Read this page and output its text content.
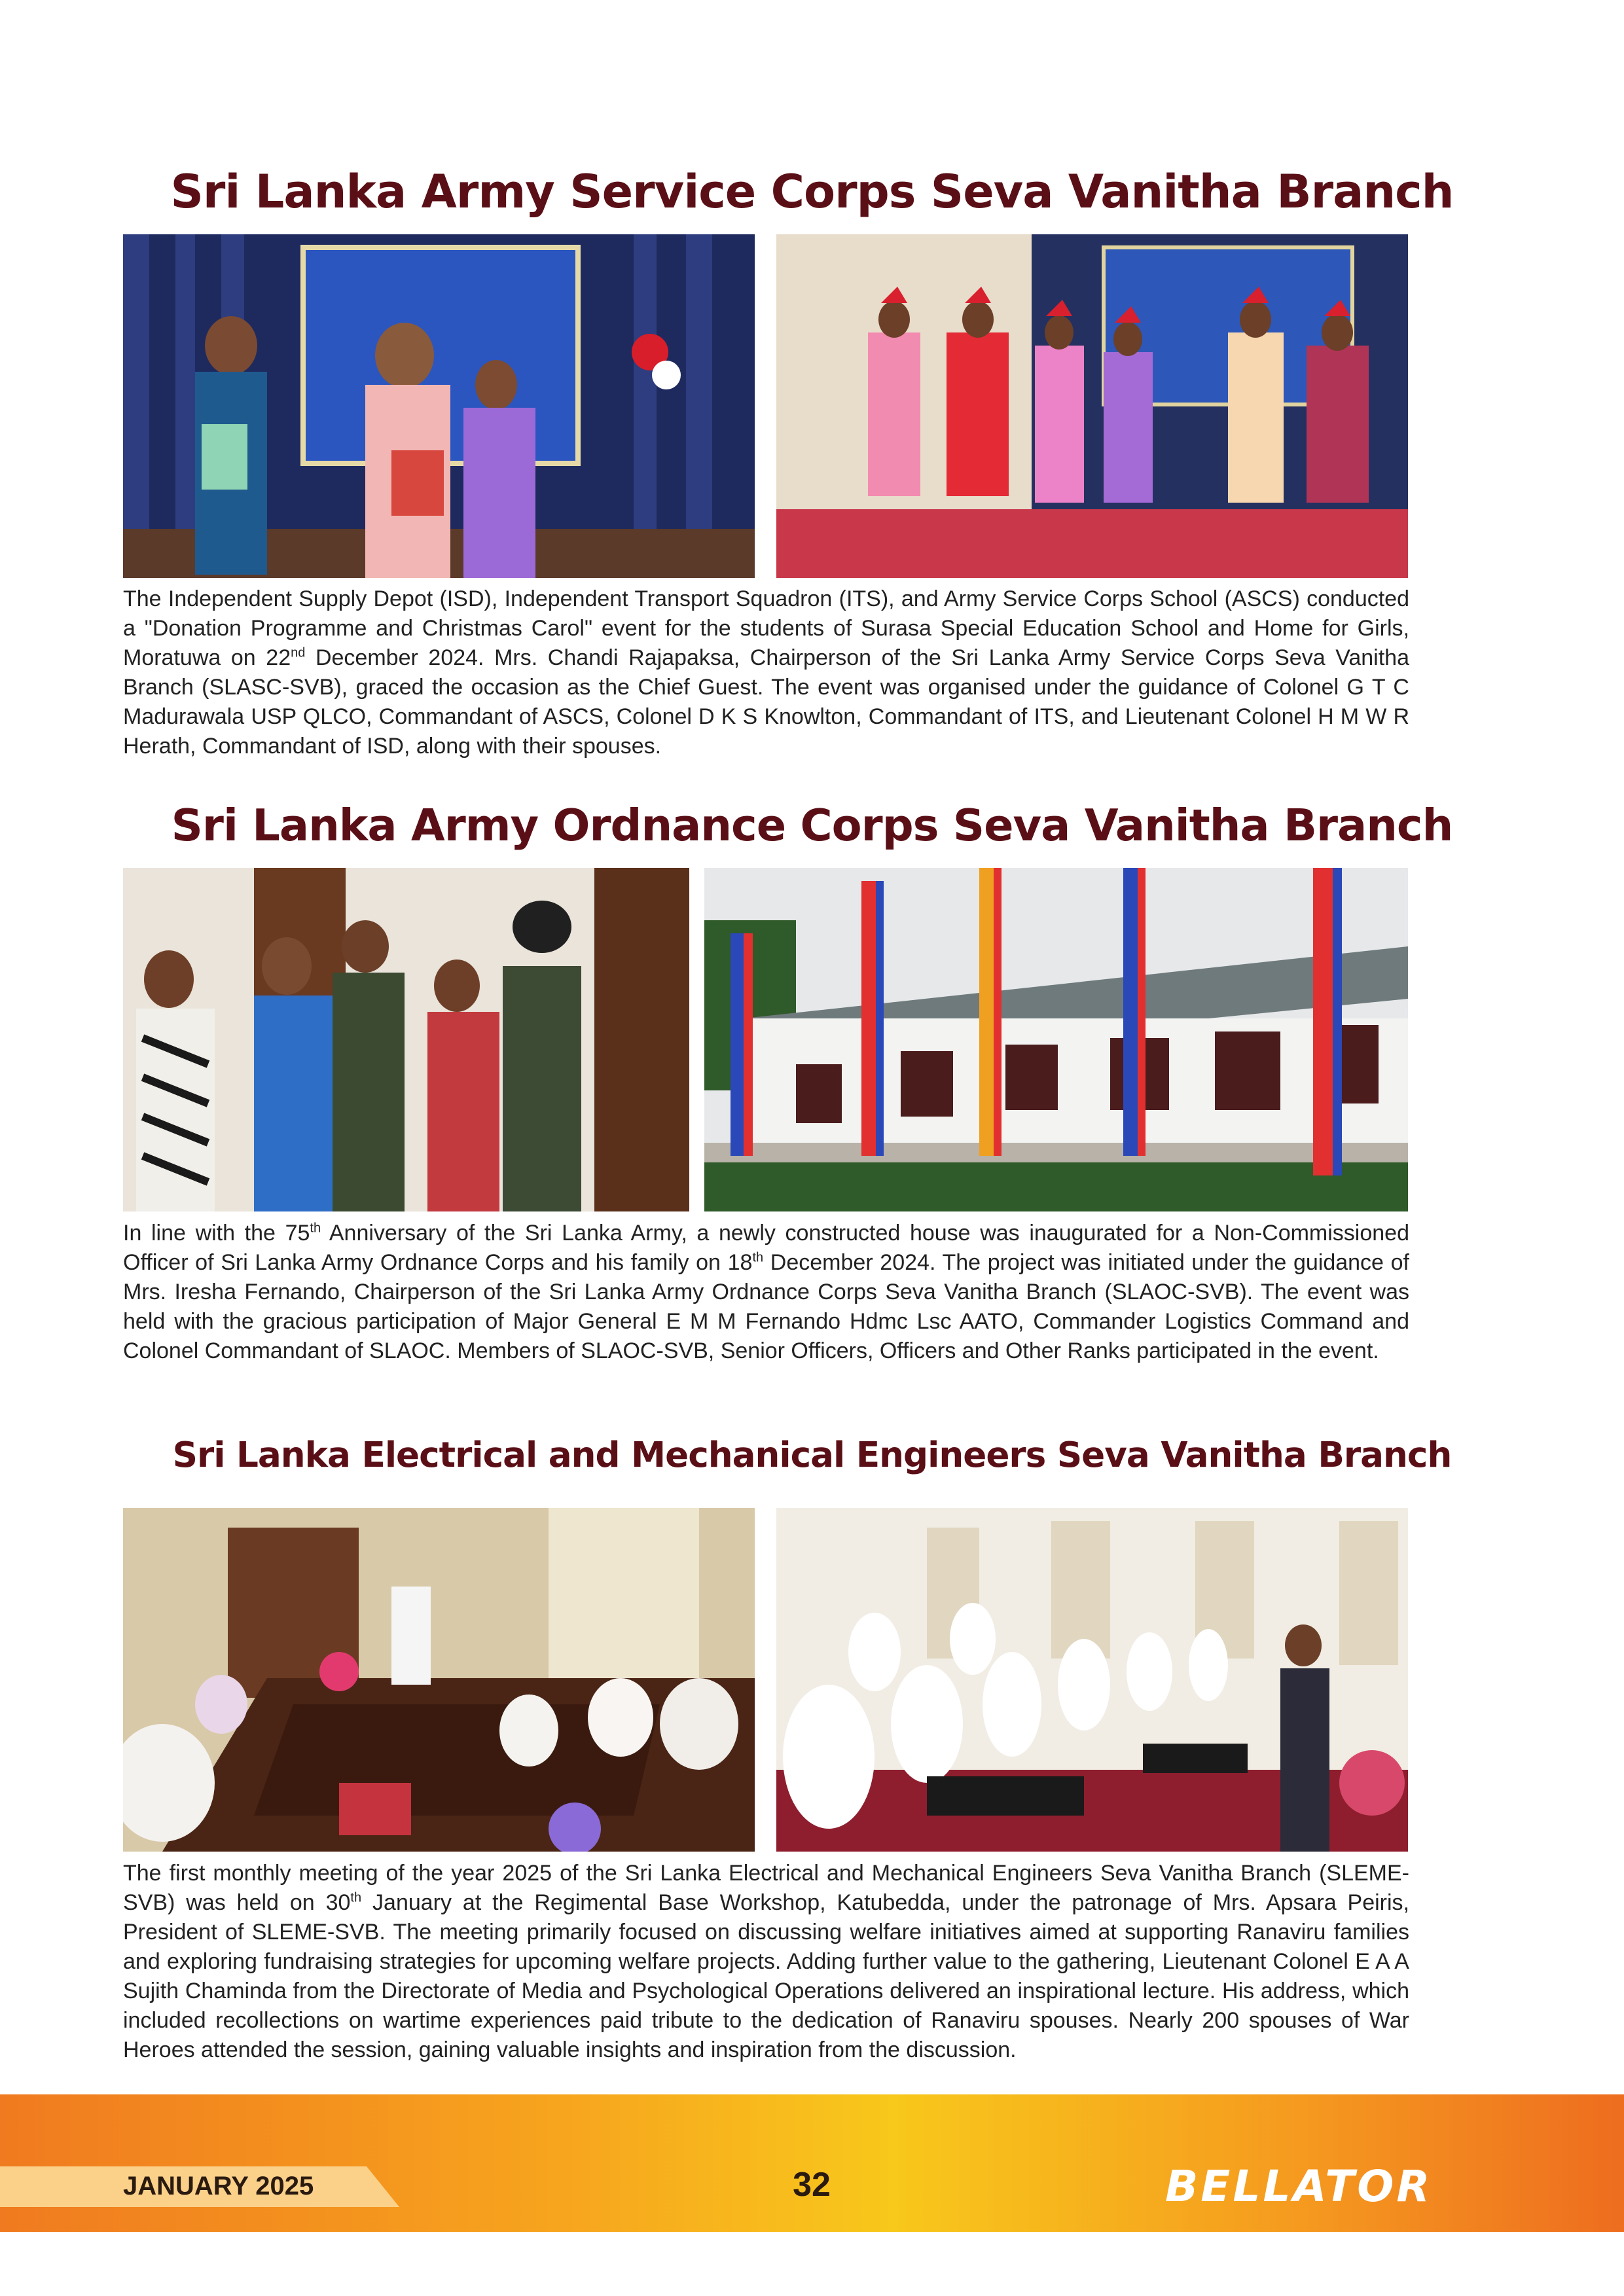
Sri Lanka Army Service Corps Seva Vanitha Branch

The Independent Supply Depot (ISD), Independent Transport Squadron (ITS), and Army Service Corps School (ASCS) conducted a "Donation Programme and Christmas Carol" event for the students of Surasa Special Education School and Home for Girls, Moratuwa on 22nd December 2024. Mrs. Chandi Rajapaksa, Chairperson of the Sri Lanka Army Service Corps Seva Vanitha Branch (SLASC-SVB), graced the occasion as the Chief Guest. The event was organised under the guidance of Colonel G T C Madurawala USP QLCO, Commandant of ASCS, Colonel D K S Knowlton, Commandant of ITS, and Lieutenant Colonel H M W R Herath, Commandant of ISD, along with their spouses.

Sri Lanka Army Ordnance Corps Seva Vanitha Branch

In line with the 75th Anniversary of the Sri Lanka Army, a newly constructed house was inaugurated for a Non-Commissioned Officer of Sri Lanka Army Ordnance Corps and his family on 18th December 2024. The project was initiated under the guidance of Mrs. Iresha Fernando, Chairperson of the Sri Lanka Army Ordnance Corps Seva Vanitha Branch (SLAOC-SVB). The event was held with the gracious participation of Major General E M M Fernando Hdmc Lsc AATO, Commander Logistics Command and Colonel Commandant of SLAOC. Members of SLAOC-SVB, Senior Officers, Officers and Other Ranks participated in the event.

Sri Lanka Electrical and Mechanical Engineers Seva Vanitha Branch

The first monthly meeting of the year 2025 of the Sri Lanka Electrical and Mechanical Engineers Seva Vanitha Branch (SLEME-SVB) was held on 30th January at the Regimental Base Workshop, Katubedda, under the patronage of Mrs. Apsara Peiris, President of SLEME-SVB. The meeting primarily focused on discussing welfare initiatives aimed at supporting Ranaviru families and exploring fundraising strategies for upcoming welfare projects. Adding further value to the gathering, Lieutenant Colonel E A A Sujith Chaminda from the Directorate of Media and Psychological Operations delivered an inspirational lecture. His address, which included recollections on wartime experiences paid tribute to the dedication of Ranaviru spouses. Nearly 200 spouses of War Heroes attended the session, gaining valuable insights and inspiration from the discussion.

JANUARY 2025	32	BELLATOR
